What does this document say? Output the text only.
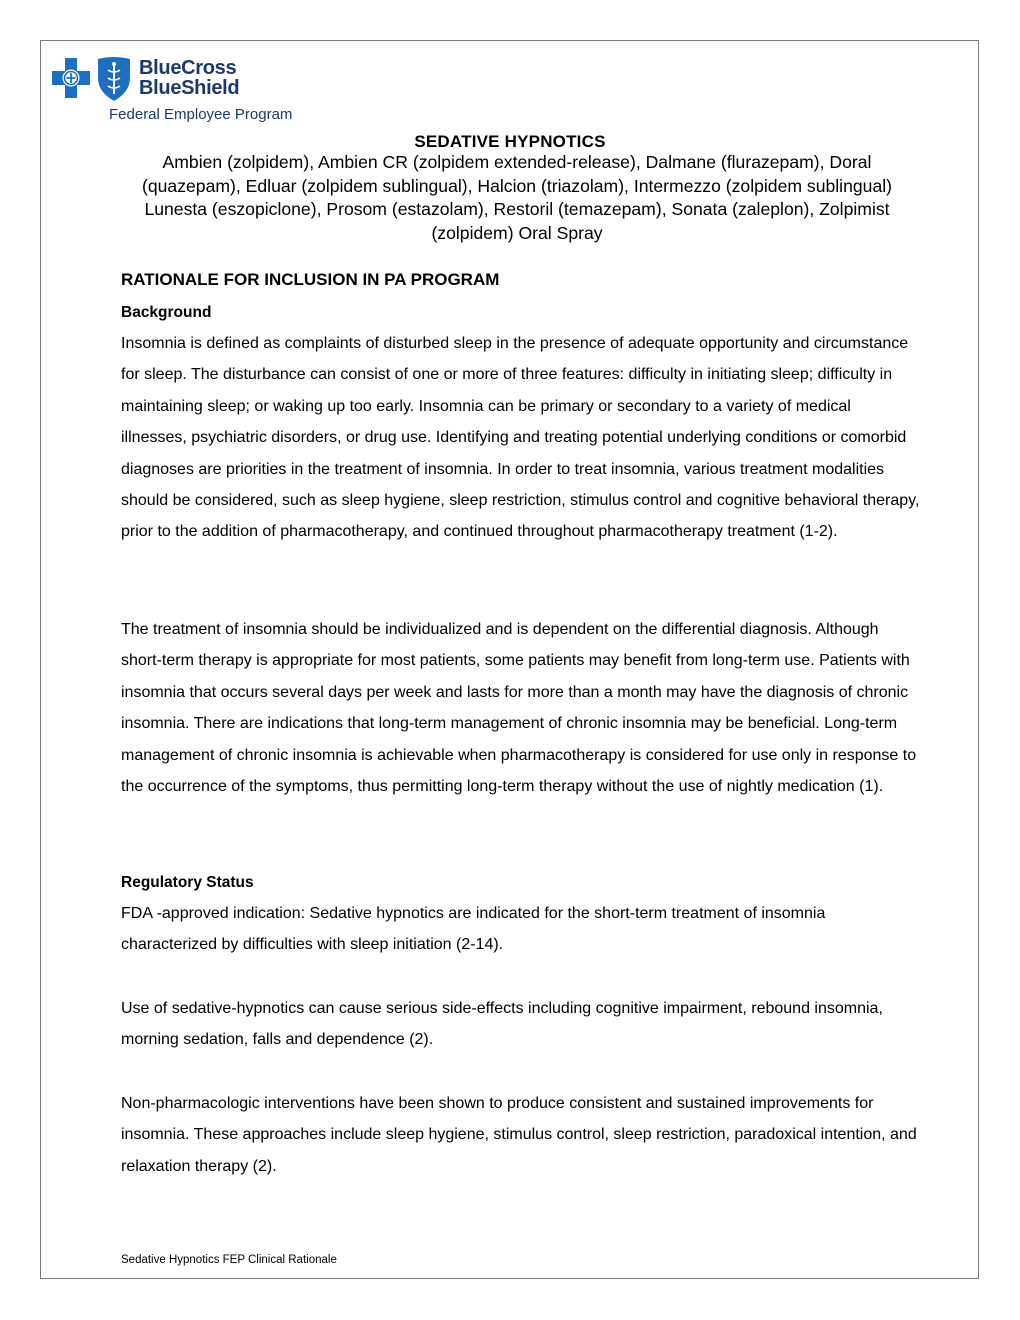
BlueCross
BlueShield
Federal Employee Program
SEDATIVE HYPNOTICS
Ambien (zolpidem), Ambien CR (zolpidem extended-release), Dalmane (flurazepam), Doral (quazepam), Edluar (zolpidem sublingual), Halcion (triazolam), Intermezzo (zolpidem sublingual) Lunesta (eszopiclone), Prosom (estazolam), Restoril (temazepam), Sonata (zaleplon), Zolpimist (zolpidem) Oral Spray
RATIONALE FOR INCLUSION IN PA PROGRAM
Background

Insomnia is defined as complaints of disturbed sleep in the presence of adequate opportunity and circumstance for sleep. The disturbance can consist of one or more of three features: difficulty in initiating sleep; difficulty in maintaining sleep; or waking up too early. Insomnia can be primary or secondary to a variety of medical illnesses, psychiatric disorders, or drug use. Identifying and treating potential underlying conditions or comorbid diagnoses are priorities in the treatment of insomnia. In order to treat insomnia, various treatment modalities should be considered, such as sleep hygiene, sleep restriction, stimulus control and cognitive behavioral therapy, prior to the addition of pharmacotherapy, and continued throughout pharmacotherapy treatment (1-2).

The treatment of insomnia should be individualized and is dependent on the differential diagnosis. Although short-term therapy is appropriate for most patients, some patients may benefit from long-term use. Patients with insomnia that occurs several days per week and lasts for more than a month may have the diagnosis of chronic insomnia. There are indications that long-term management of chronic insomnia may be beneficial. Long-term management of chronic insomnia is achievable when pharmacotherapy is considered for use only in response to the occurrence of the symptoms, thus permitting long-term therapy without the use of nightly medication (1).

Regulatory Status

FDA -approved indication: Sedative hypnotics are indicated for the short-term treatment of insomnia characterized by difficulties with sleep initiation (2-14).

Use of sedative-hypnotics can cause serious side-effects including cognitive impairment, rebound insomnia, morning sedation, falls and dependence (2).

Non-pharmacologic interventions have been shown to produce consistent and sustained improvements for insomnia. These approaches include sleep hygiene, stimulus control, sleep restriction, paradoxical intention, and relaxation therapy (2).

Sedative Hypnotics FEP Clinical Rationale
